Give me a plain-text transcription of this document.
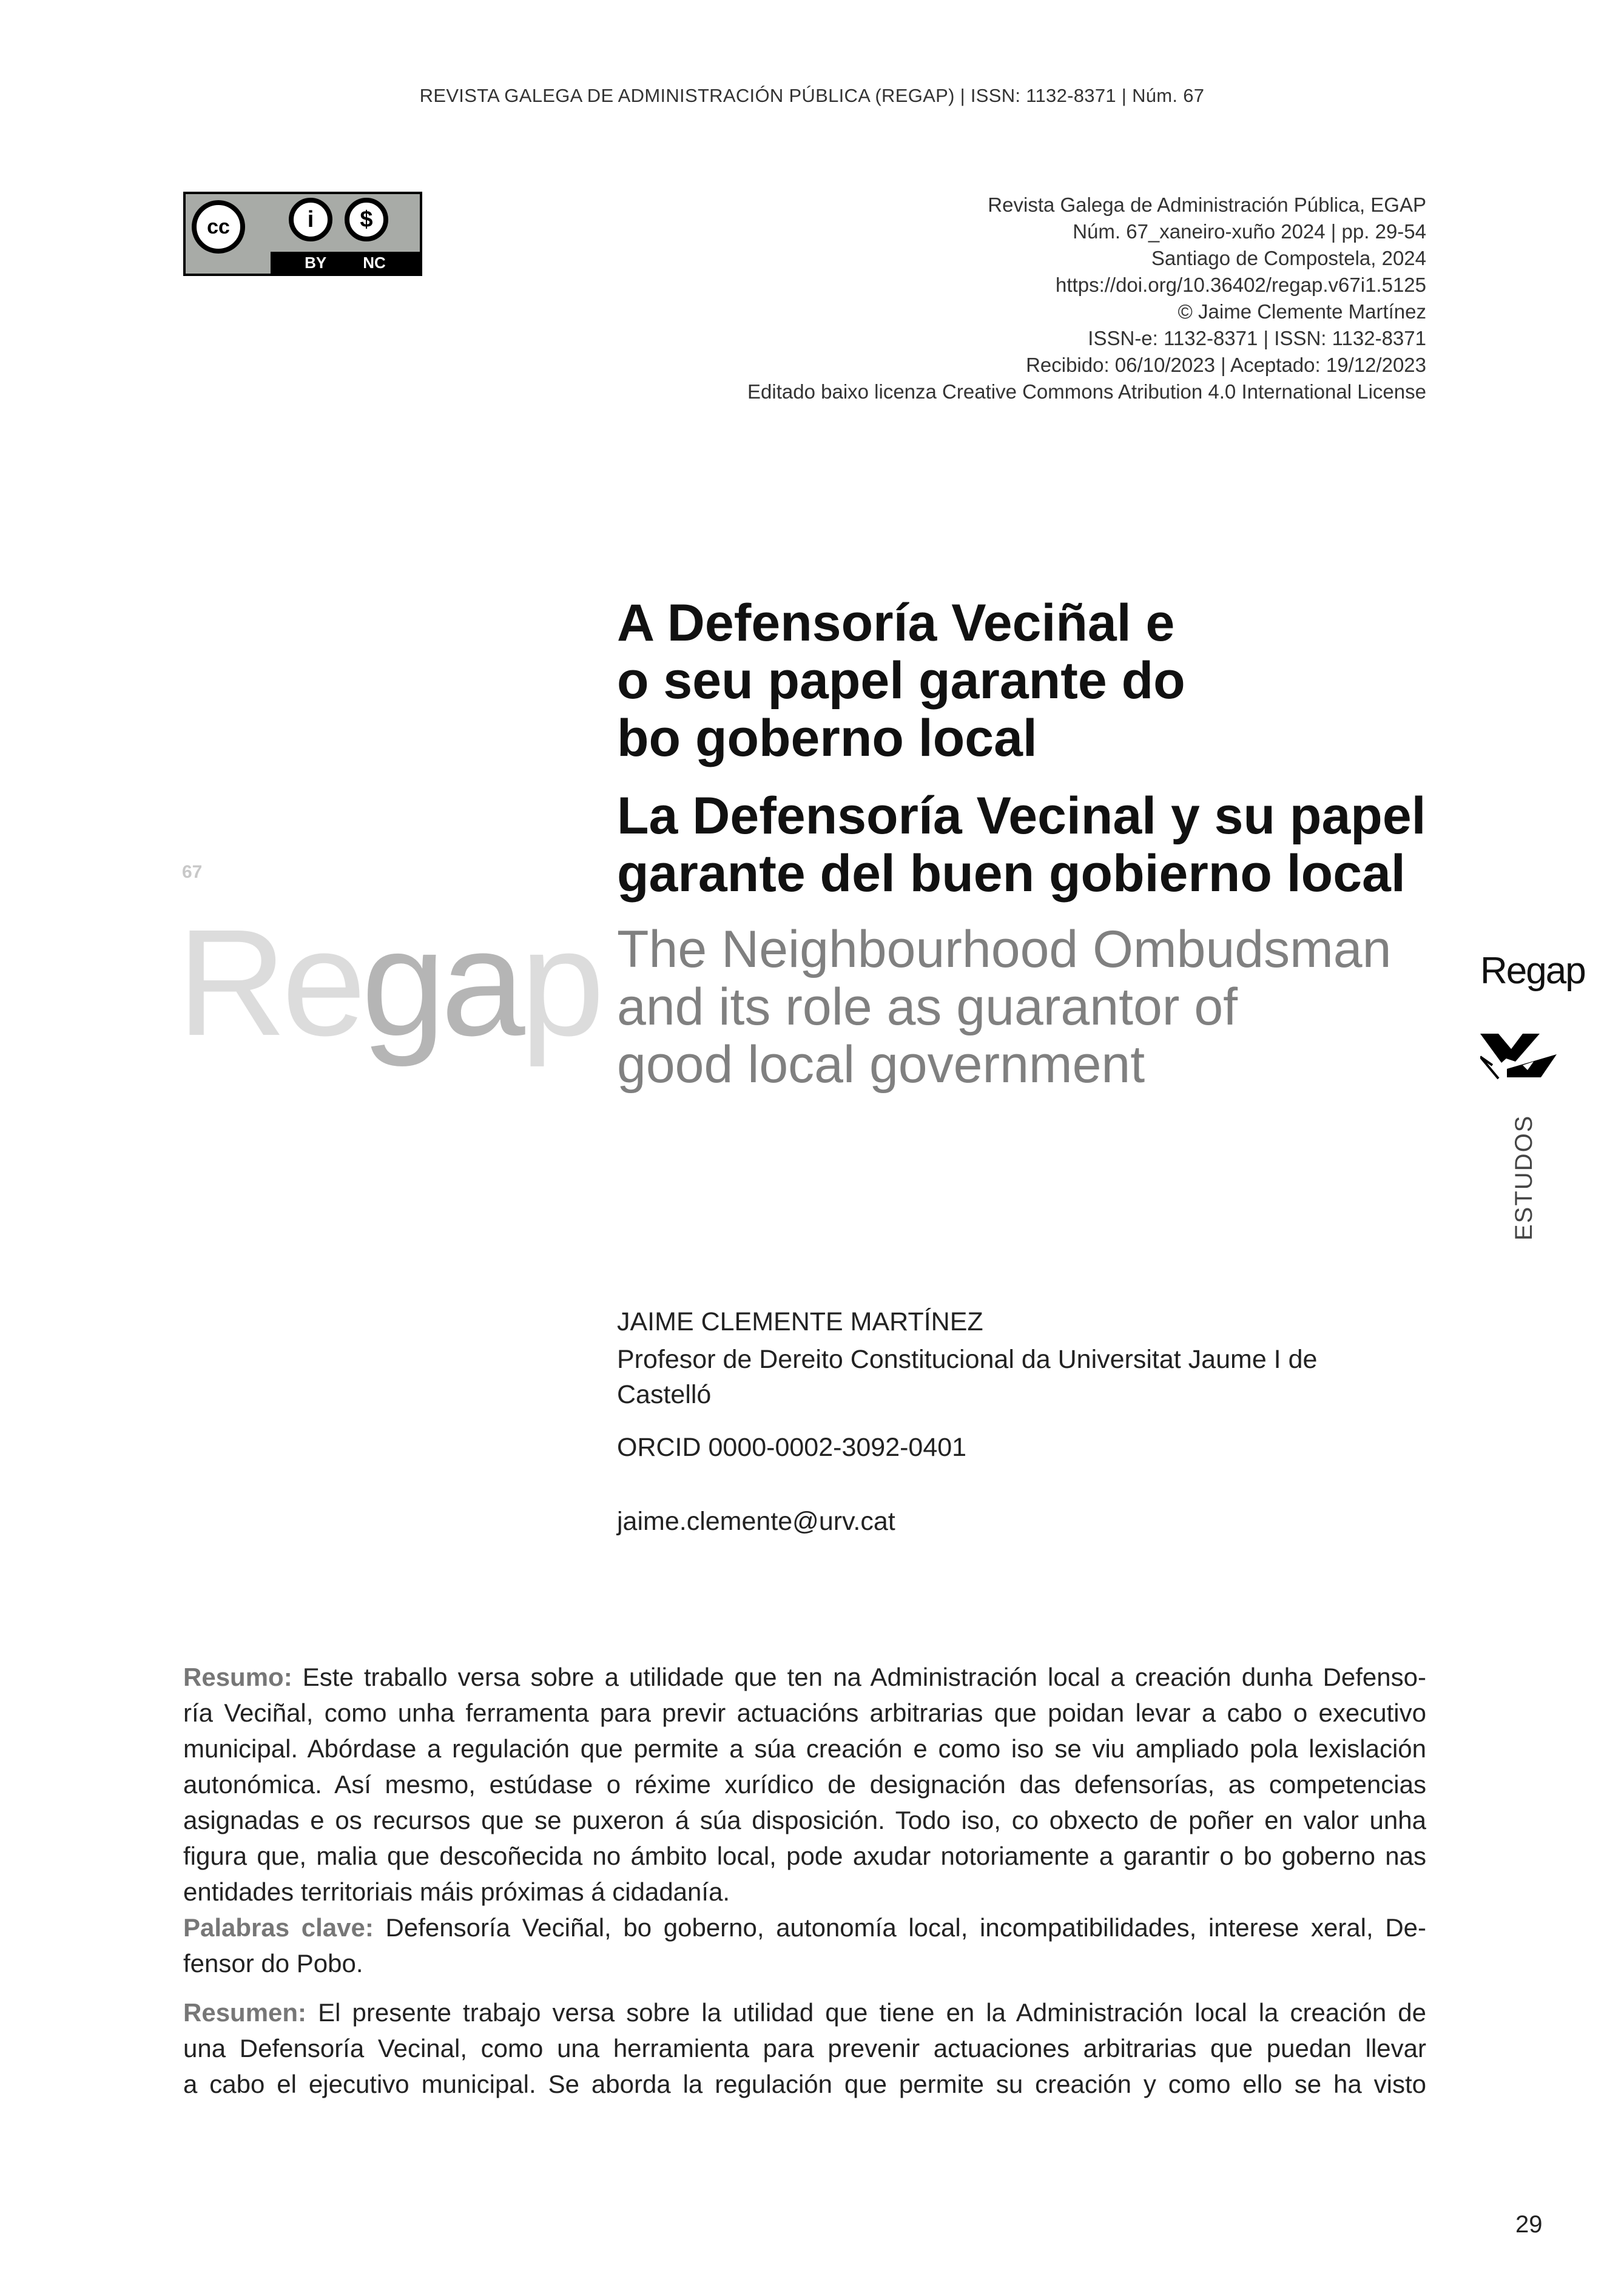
REVISTA GALEGA DE ADMINISTRACIÓN PÚBLICA (REGAP) | ISSN: 1132-8371 | Núm. 67
cc	i	$
BY NC
Revista Galega de Administración Pública, EGAP
Núm. 67_xaneiro-xuño 2024 | pp. 29-54
Santiago de Compostela, 2024
https://doi.org/10.36402/regap.v67i1.5125
© Jaime Clemente Martínez
ISSN-e: 1132-8371 | ISSN: 1132-8371
Recibido: 06/10/2023 | Aceptado: 19/12/2023
Editado baixo licenza Creative Commons Atribution 4.0 International License
67
Regap
A Defensoría Veciñal e
o seu papel garante do
bo goberno local
La Defensoría Vecinal y su papel
garante del buen gobierno local
The Neighbourhood Ombudsman
and its role as guarantor of
good local government
Regap
ESTUDOS
JAIME CLEMENTE MARTÍNEZ
Profesor de Dereito Constitucional da Universitat Jaume I de
Castelló
ORCID 0000-0002-3092-0401
jaime.clemente@urv.cat
Resumo: Este traballo versa sobre a utilidade que ten na Administración local a creación dunha Defenso-
ría Veciñal, como unha ferramenta para previr actuacións arbitrarias que poidan levar a cabo o executivo
municipal. Abórdase a regulación que permite a súa creación e como iso se viu ampliado pola lexislación
autonómica. Así mesmo, estúdase o réxime xurídico de designación das defensorías, as competencias
asignadas e os recursos que se puxeron á súa disposición. Todo iso, co obxecto de poñer en valor unha
figura que, malia que descoñecida no ámbito local, pode axudar notoriamente a garantir o bo goberno nas
entidades territoriais máis próximas á cidadanía.
Palabras clave: Defensoría Veciñal, bo goberno, autonomía local, incompatibilidades, interese xeral, De-
fensor do Pobo.
Resumen: El presente trabajo versa sobre la utilidad que tiene en la Administración local la creación de
una Defensoría Vecinal, como una herramienta para prevenir actuaciones arbitrarias que puedan llevar
a cabo el ejecutivo municipal. Se aborda la regulación que permite su creación y como ello se ha visto
29
